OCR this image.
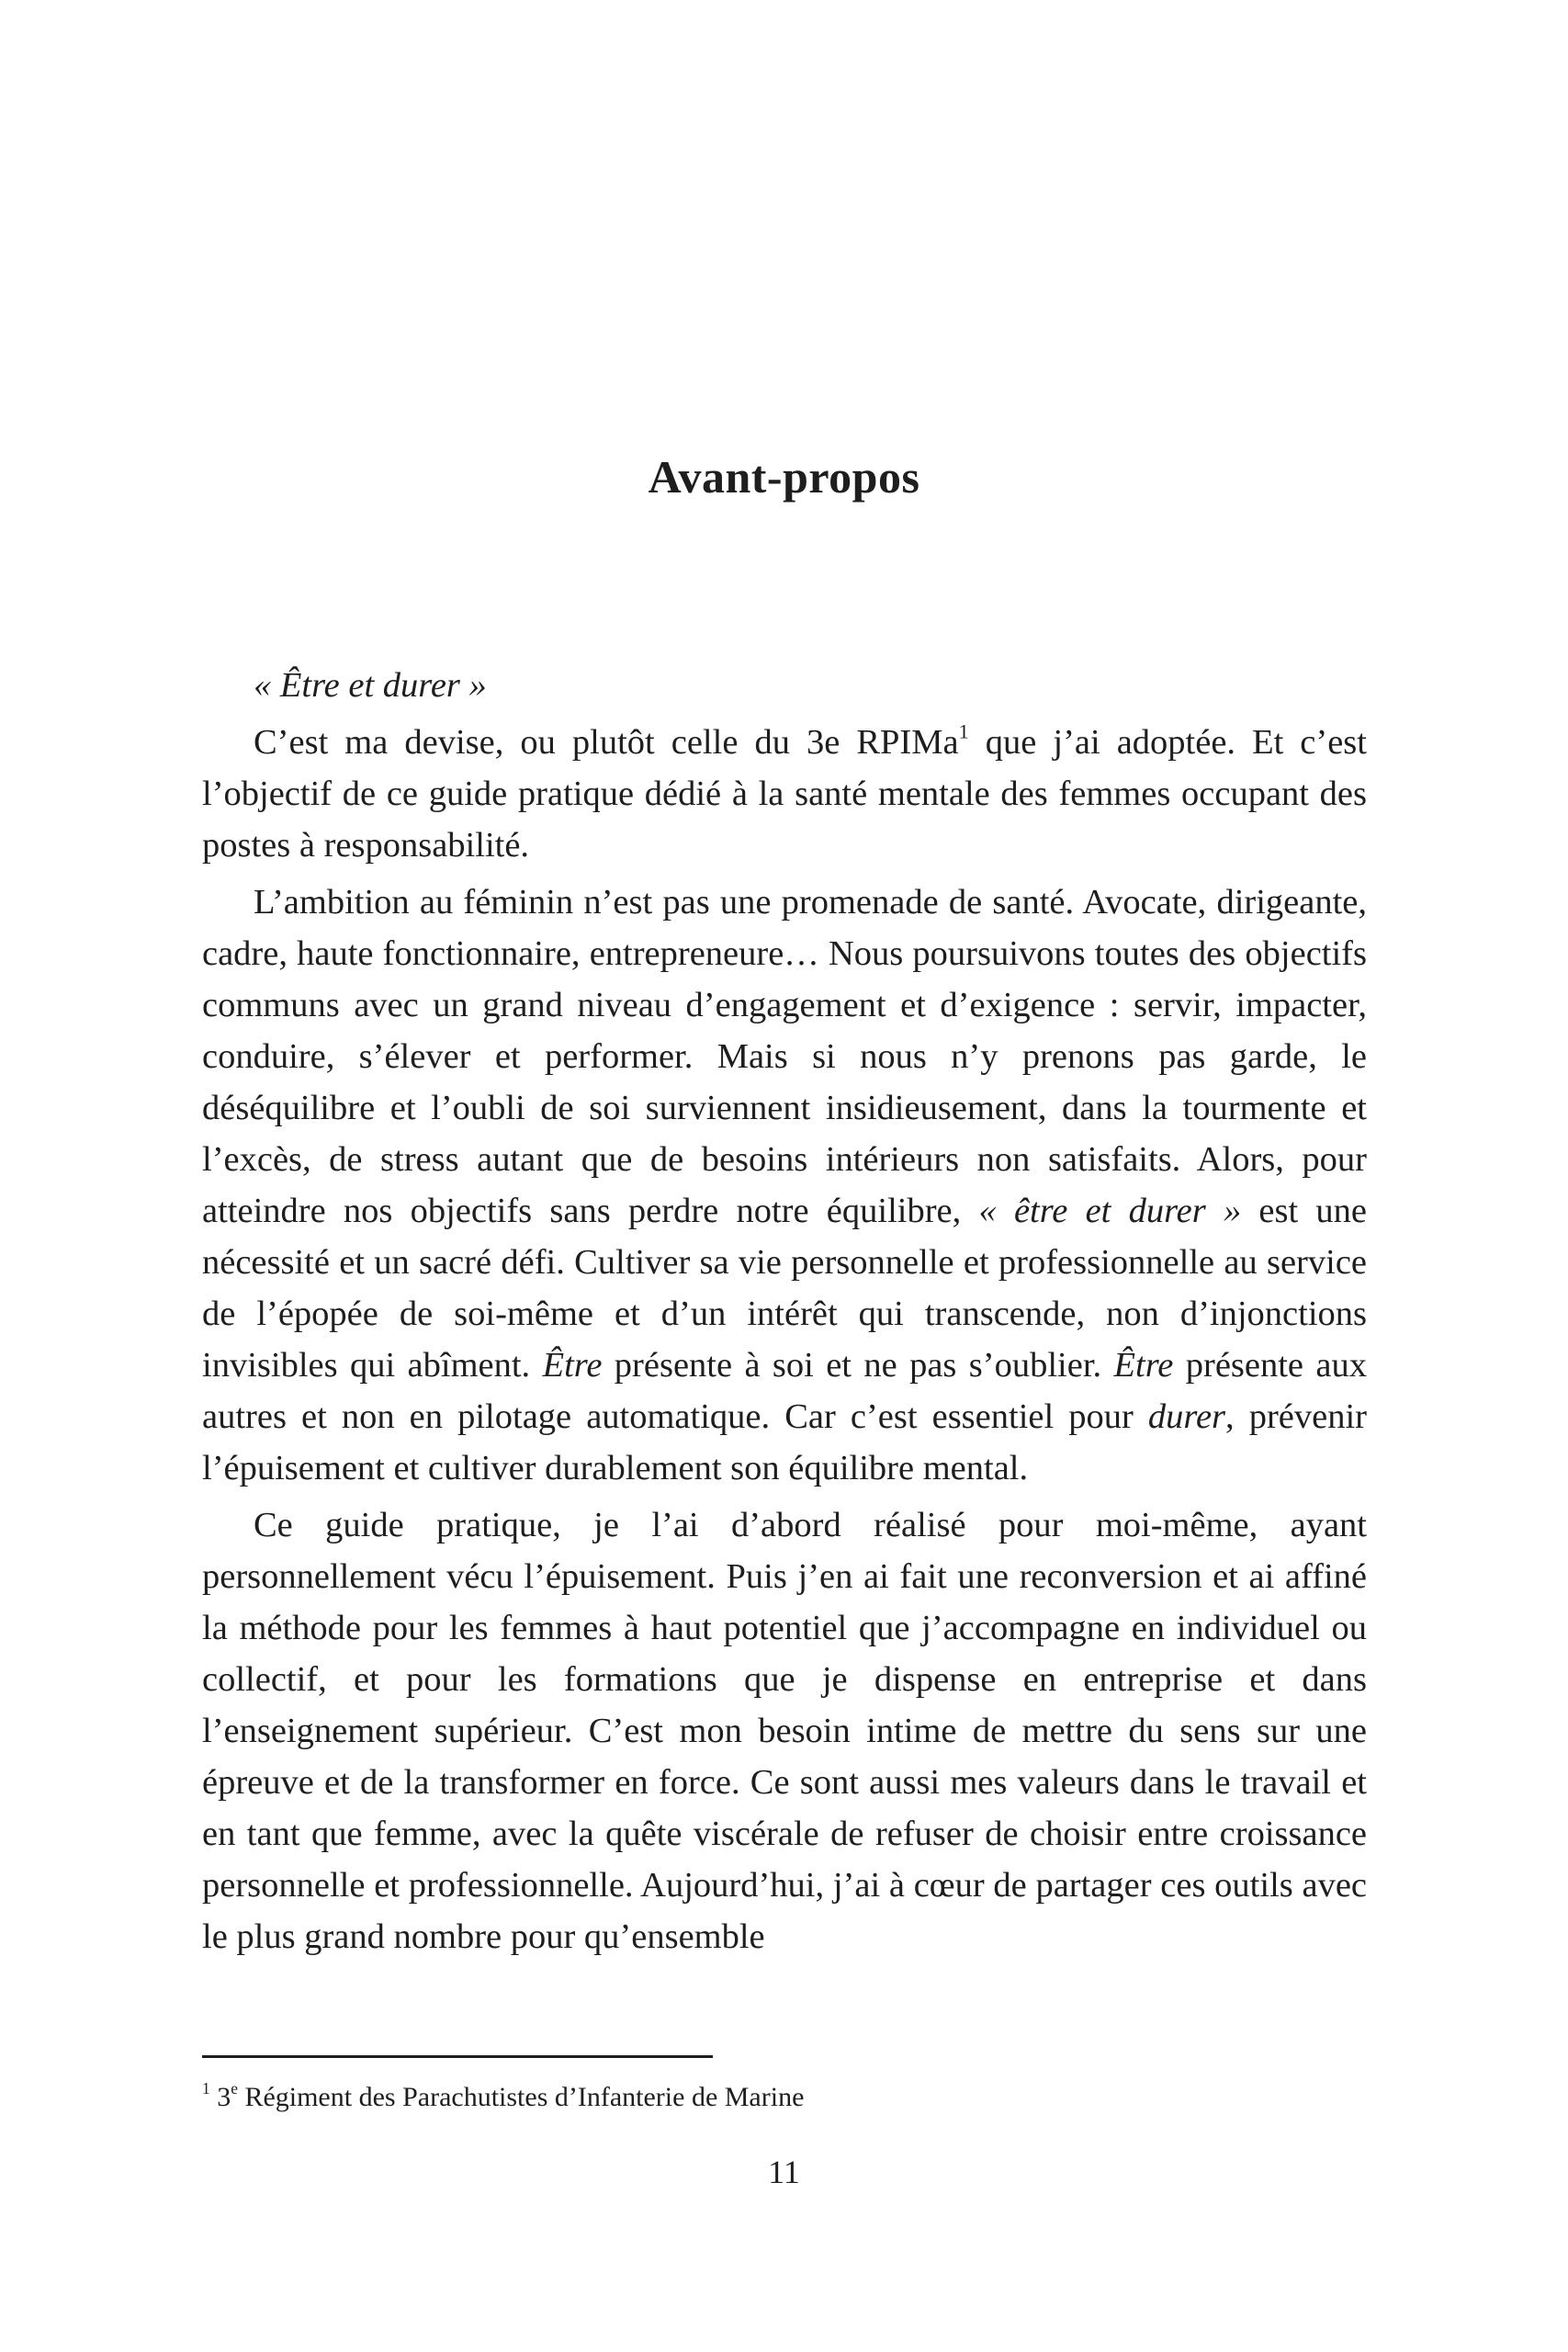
Avant-propos

« Être et durer »

C’est ma devise, ou plutôt celle du 3e RPIMa$^1$ que j’ai adoptée. Et c’est l’objectif de ce guide pratique dédié à la santé mentale des femmes occupant des postes à responsabilité.

L’ambition au féminin n’est pas une promenade de santé. Avocate, dirigeante, cadre, haute fonctionnaire, entrepreneure… Nous poursuivons toutes des objectifs communs avec un grand niveau d’engagement et d’exigence : servir, impacter, conduire, s’élever et performer. Mais si nous n’y prenons pas garde, le déséquilibre et l’oubli de soi surviennent insidieusement, dans la tourmente et l’excès, de stress autant que de besoins intérieurs non satisfaits. Alors, pour atteindre nos objectifs sans perdre notre équilibre, « être et durer » est une nécessité et un sacré défi. Cultiver sa vie personnelle et professionnelle au service de l’épopée de soi-même et d’un intérêt qui transcende, non d’injonctions invisibles qui abîment. Être présente à soi et ne pas s’oublier. Être présente aux autres et non en pilotage automatique. Car c’est essentiel pour durer, prévenir l’épuisement et cultiver durablement son équilibre mental.

Ce guide pratique, je l’ai d’abord réalisé pour moi-même, ayant personnellement vécu l’épuisement. Puis j’en ai fait une reconversion et ai affiné la méthode pour les femmes à haut potentiel que j’accompagne en individuel ou collectif, et pour les formations que je dispense en entreprise et dans l’enseignement supérieur. C’est mon besoin intime de mettre du sens sur une épreuve et de la transformer en force. Ce sont aussi mes valeurs dans le travail et en tant que femme, avec la quête viscérale de refuser de choisir entre croissance personnelle et professionnelle. Aujourd’hui, j’ai à cœur de partager ces outils avec le plus grand nombre pour qu’ensemble

$^1$ 3e Régiment des Parachutistes d’Infanterie de Marine

11
